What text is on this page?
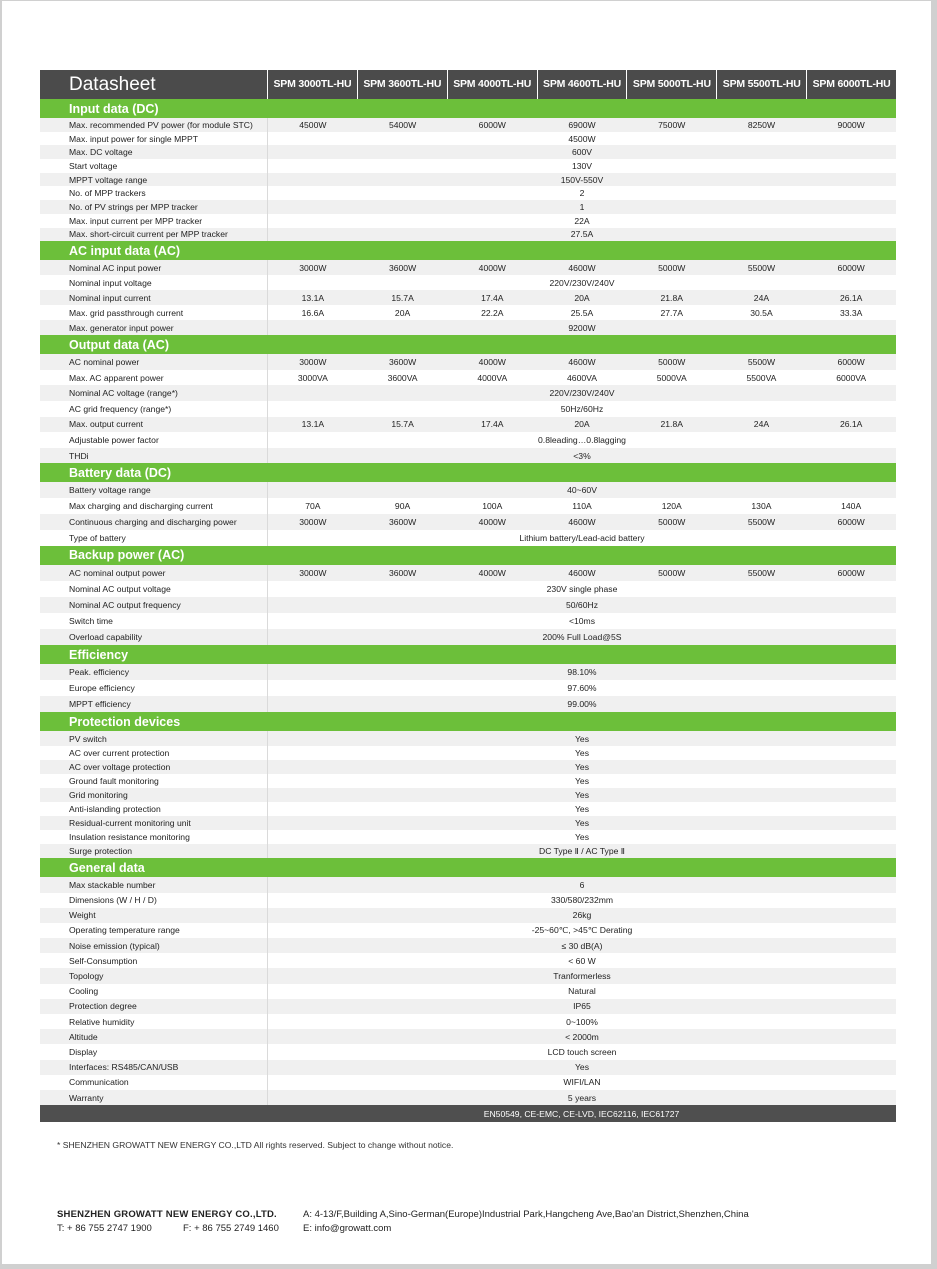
Datasheet	SPM 3000TL-HU	SPM 3600TL-HU	SPM 4000TL-HU	SPM 4600TL-HU	SPM 5000TL-HU	SPM 5500TL-HU	SPM 6000TL-HU
Input data (DC)
Max. recommended PV power (for module STC)	4500W	5400W	6000W	6900W	7500W	8250W	9000W
Max. input power for single MPPT	4500W
Max. DC voltage	600V
Start voltage	130V
MPPT voltage range	150V-550V
No. of MPP trackers	2
No. of PV strings per MPP tracker	1
Max. input current per MPP tracker	22A
Max. short-circuit current per MPP tracker	27.5A
AC input data (AC)
Nominal AC input power	3000W	3600W	4000W	4600W	5000W	5500W	6000W
Nominal input voltage	220V/230V/240V
Nominal input current	13.1A	15.7A	17.4A	20A	21.8A	24A	26.1A
Max. grid passthrough current	16.6A	20A	22.2A	25.5A	27.7A	30.5A	33.3A
Max. generator input power	9200W
Output data (AC)
AC nominal power	3000W	3600W	4000W	4600W	5000W	5500W	6000W
Max. AC apparent power	3000VA	3600VA	4000VA	4600VA	5000VA	5500VA	6000VA
Nominal AC voltage (range*)	220V/230V/240V
AC grid frequency (range*)	50Hz/60Hz
Max. output current	13.1A	15.7A	17.4A	20A	21.8A	24A	26.1A
Adjustable power factor	0.8leading…0.8lagging
THDi	<3%
Battery data (DC)
Battery voltage range	40~60V
Max charging and discharging current	70A	90A	100A	110A	120A	130A	140A
Continuous charging and discharging power	3000W	3600W	4000W	4600W	5000W	5500W	6000W
Type of battery	Lithium battery/Lead-acid battery
Backup power (AC)
AC nominal output power	3000W	3600W	4000W	4600W	5000W	5500W	6000W
Nominal AC output voltage	230V single phase
Nominal AC output frequency	50/60Hz
Switch time	<10ms
Overload capability	200% Full Load@5S
Efficiency
Peak. efficiency	98.10%
Europe efficiency	97.60%
MPPT efficiency	99.00%
Protection devices
PV switch	Yes
AC over current protection	Yes
AC over voltage protection	Yes
Ground fault monitoring	Yes
Grid monitoring	Yes
Anti-islanding protection	Yes
Residual-current monitoring unit	Yes
Insulation resistance monitoring	Yes
Surge protection	DC Type Ⅱ / AC Type Ⅱ
General data
Max stackable number	6
Dimensions (W / H / D)	330/580/232mm
Weight	26kg
Operating temperature range	-25~60℃, >45℃ Derating
Noise emission (typical)	≤ 30 dB(A)
Self-Consumption	< 60 W
Topology	Tranformerless
Cooling	Natural
Protection degree	IP65
Relative humidity	0~100%
Altitude	< 2000m
Display	LCD touch screen
Interfaces: RS485/CAN/USB	Yes
Communication	WIFI/LAN
Warranty	5 years
EN50549, CE-EMC, CE-LVD, IEC62116, IEC61727
* SHENZHEN GROWATT NEW ENERGY CO.,LTD All rights reserved. Subject to change without notice.
SHENZHEN GROWATT NEW ENERGY CO.,LTD.	A: 4-13/F,Building A,Sino-German(Europe)Industrial Park,Hangcheng Ave,Bao'an District,Shenzhen,China
T: + 86 755 2747 1900	F: + 86 755 2749 1460	E: info@growatt.com
